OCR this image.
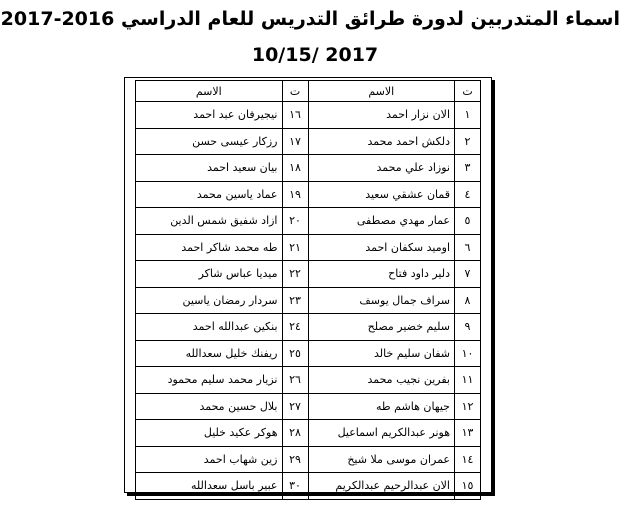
اسماء المتدربين لدورة طرائق التدريس للعام الدراسي 2016-2017
2017 /10/15
ت	الاسم	ت	الاسم
١	الان نزار احمد	١٦	نيجيرفان عبد احمد
٢	دلكش احمد محمد	١٧	رزكار عيسى حسن
٣	نوزاد علي محمد	١٨	بيان سعيد احمد
٤	قمان عشقي سعيد	١٩	عماد ياسين محمد
٥	عمار مهدي مصطفى	٢٠	ازاد شفيق شمس الدين
٦	اوميد سكفان احمد	٢١	طه محمد شاكر احمد
٧	دلير داود فتاح	٢٢	ميديا عباس شاكر
٨	سراف جمال يوسف	٢٣	سردار رمضان ياسين
٩	سليم خضير مصلح	٢٤	بنكين عبدالله احمد
١٠	شفان سليم خالد	٢٥	ريفنك خليل سعدالله
١١	بفرين نجيب محمد	٢٦	نزيار محمد سليم محمود
١٢	جيهان هاشم طه	٢٧	بلال حسين محمد
١٣	هونر عبدالكريم اسماعيل	٢٨	هوكر عكيد خليل
١٤	عمران موسى ملا شيخ	٢٩	زين شهاب احمد
١٥	الان عبدالرحيم عبدالكريم	٣٠	عبير باسل سعدالله
